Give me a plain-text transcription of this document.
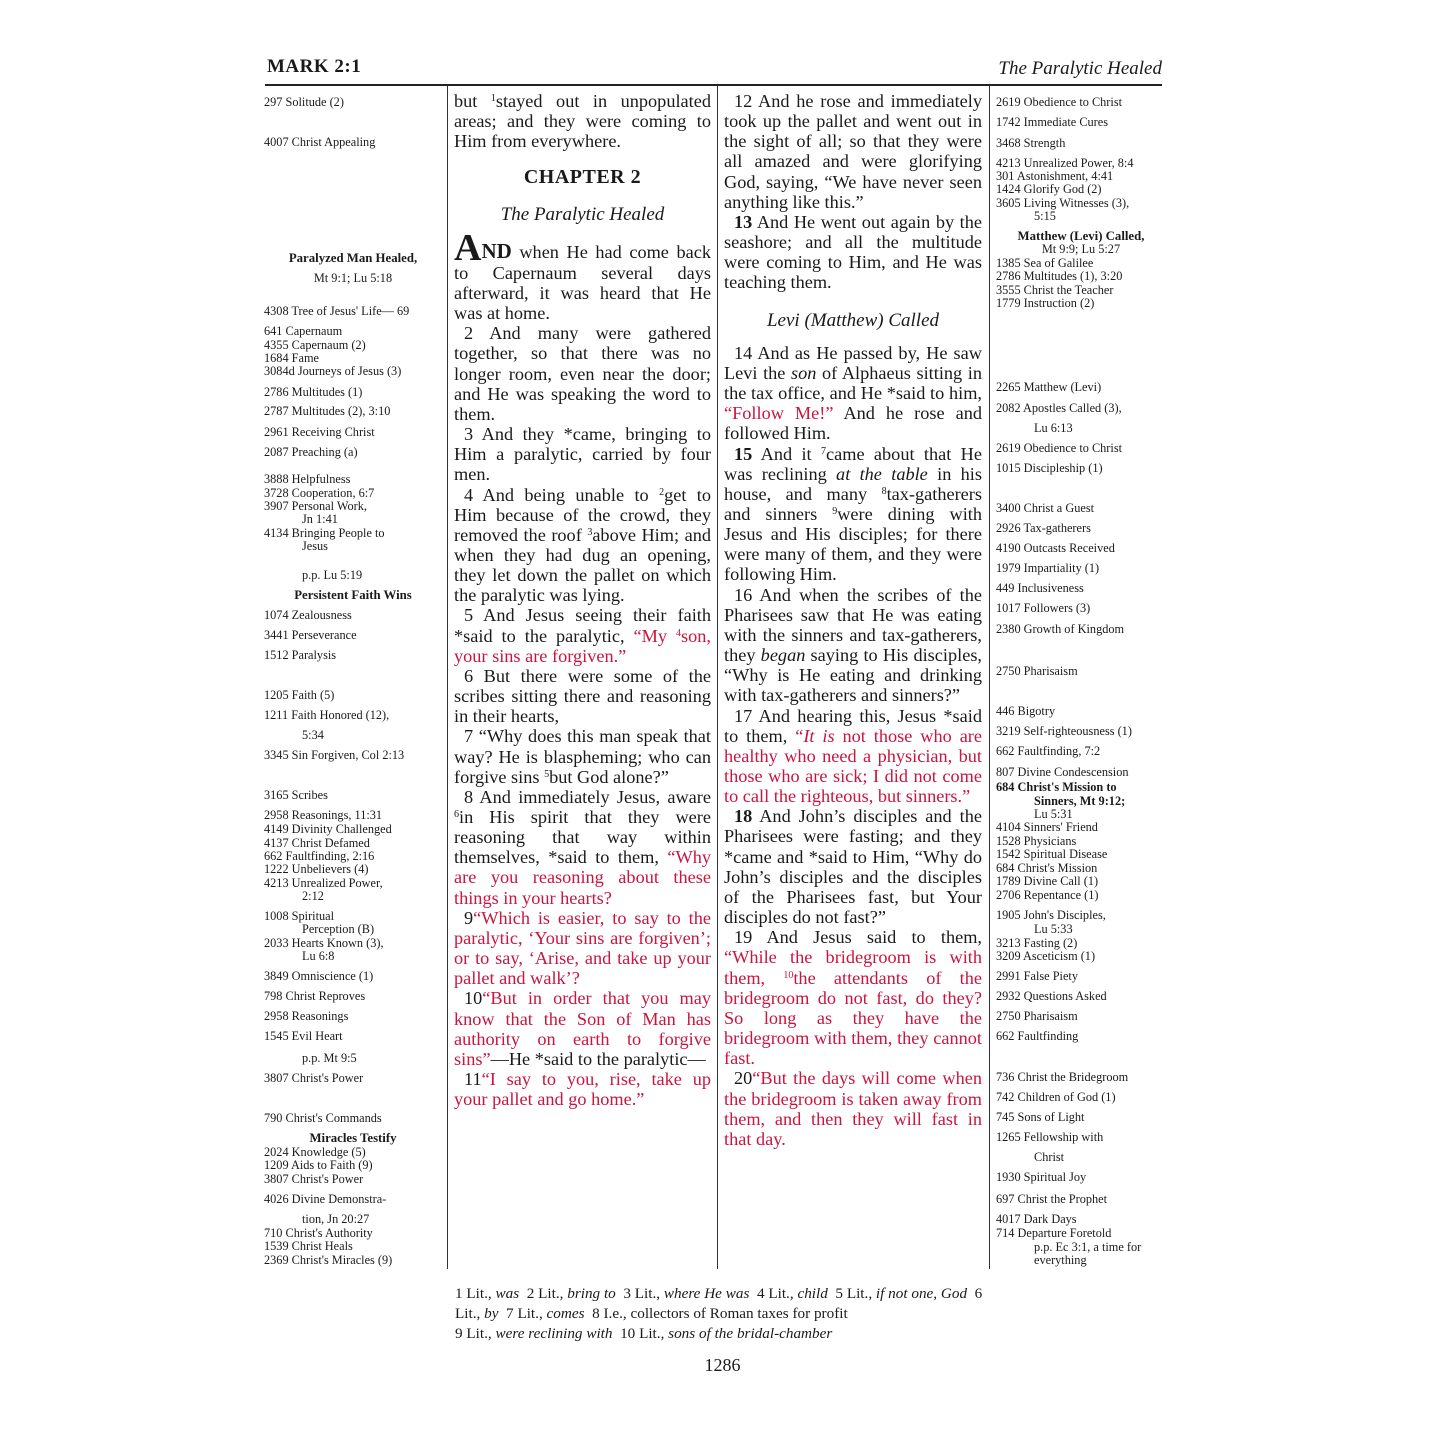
MARK 2:1	The Paralytic Healed
297 Solitude (2)
4007 Christ Appealing
Paralyzed Man Healed,
Mt 9:1; Lu 5:18
4308 Tree of Jesus' Life— 69
641 Capernaum
4355 Capernaum (2)
1684 Fame
3084d Journeys of Jesus (3)
2786 Multitudes (1)
2787 Multitudes (2), 3:10
2961 Receiving Christ
2087 Preaching (a)
3888 Helpfulness
3728 Cooperation, 6:7
3907 Personal Work,
Jn 1:41
4134 Bringing People to
Jesus
p.p. Lu 5:19
Persistent Faith Wins
1074 Zealousness
3441 Perseverance
1512 Paralysis
1205 Faith (5)
1211 Faith Honored (12),
5:34
3345 Sin Forgiven, Col 2:13
3165 Scribes
2958 Reasonings, 11:31
4149 Divinity Challenged
4137 Christ Defamed
662 Faultfinding, 2:16
1222 Unbelievers (4)
4213 Unrealized Power,
2:12
1008 Spiritual
Perception (B)
2033 Hearts Known (3),
Lu 6:8
3849 Omniscience (1)
798 Christ Reproves
2958 Reasonings
1545 Evil Heart
p.p. Mt 9:5
3807 Christ's Power
790 Christ's Commands
Miracles Testify
2024 Knowledge (5)
1209 Aids to Faith (9)
3807 Christ's Power
4026 Divine Demonstra-
tion, Jn 20:27
710 Christ's Authority
1539 Christ Heals
2369 Christ's Miracles (9)

but $^1$stayed out in unpopulated areas; and they were coming to Him from everywhere.

CHAPTER 2
The Paralytic Healed

AND when He had come back to Capernaum several days afterward, it was heard that He was at home.

2 And many were gathered together, so that there was no longer room, even near the door; and He was speaking the word to them.

3 And they *came, bringing to Him a paralytic, carried by four men.

4 And being unable to $^2$get to Him because of the crowd, they removed the roof $^3$above Him; and when they had dug an opening, they let down the pallet on which the paralytic was lying.

5 And Jesus seeing their faith *said to the paralytic, “My $^4$son, your sins are forgiven.”

6 But there were some of the scribes sitting there and reasoning in their hearts,

7 “Why does this man speak that way? He is blaspheming; who can forgive sins $^5$but God alone?”

8 And immediately Jesus, aware $^6$in His spirit that they were reasoning that way within themselves, *said to them, “Why are you reasoning about these things in your hearts?

9“Which is easier, to say to the paralytic, ‘Your sins are forgiven’; or to say, ‘Arise, and take up your pallet and walk’?

10“But in order that you may know that the Son of Man has authority on earth to forgive sins”—He *said to the paralytic—

11“I say to you, rise, take up your pallet and go home.”

12 And he rose and immediately took up the pallet and went out in the sight of all; so that they were all amazed and were glorifying God, saying, “We have never seen anything like this.”

13 And He went out again by the seashore; and all the multitude were coming to Him, and He was teaching them.

Levi (Matthew) Called

14 And as He passed by, He saw Levi the son of Alphaeus sitting in the tax office, and He *said to him, “Follow Me!” And he rose and followed Him.

15 And it $^7$came about that He was reclining at the table in his house, and many $^8$tax-gatherers and sinners $^9$were dining with Jesus and His disciples; for there were many of them, and they were following Him.

16 And when the scribes of the Pharisees saw that He was eating with the sinners and tax-gatherers, they began saying to His disciples, “Why is He eating and drinking with tax-gatherers and sinners?”

17 And hearing this, Jesus *said to them, “It is not those who are healthy who need a physician, but those who are sick; I did not come to call the righteous, but sinners.”

18 And John’s disciples and the Pharisees were fasting; and they *came and *said to Him, “Why do John’s disciples and the disciples of the Pharisees fast, but Your disciples do not fast?”

19 And Jesus said to them, “While the bridegroom is with them, $^{10}$the attendants of the bridegroom do not fast, do they? So long as they have the bridegroom with them, they cannot fast.

20“But the days will come when the bridegroom is taken away from them, and then they will fast in that day.

2619 Obedience to Christ
1742 Immediate Cures
3468 Strength
4213 Unrealized Power, 8:4
301 Astonishment, 4:41
1424 Glorify God (2)
3605 Living Witnesses (3),
5:15
Matthew (Levi) Called,
Mt 9:9; Lu 5:27
1385 Sea of Galilee
2786 Multitudes (1), 3:20
3555 Christ the Teacher
1779 Instruction (2)
2265 Matthew (Levi)
2082 Apostles Called (3),
Lu 6:13
2619 Obedience to Christ
1015 Discipleship (1)
3400 Christ a Guest
2926 Tax-gatherers
4190 Outcasts Received
1979 Impartiality (1)
449 Inclusiveness
1017 Followers (3)
2380 Growth of Kingdom
2750 Pharisaism
446 Bigotry
3219 Self-righteousness (1)
662 Faultfinding, 7:2
807 Divine Condescension
684 Christ's Mission to
Sinners, Mt 9:12;
Lu 5:31
4104 Sinners' Friend
1528 Physicians
1542 Spiritual Disease
684 Christ's Mission
1789 Divine Call (1)
2706 Repentance (1)
1905 John's Disciples,
Lu 5:33
3213 Fasting (2)
3209 Asceticism (1)
2991 False Piety
2932 Questions Asked
2750 Pharisaism
662 Faultfinding
736 Christ the Bridegroom
742 Children of God (1)
745 Sons of Light
1265 Fellowship with
Christ
1930 Spiritual Joy
697 Christ the Prophet
4017 Dark Days
714 Departure Foretold
p.p. Ec 3:1, a time for
everything
1 Lit., was 2 Lit., bring to 3 Lit., where He was 4 Lit., child 5 Lit., if not one, God 6 Lit., by 7 Lit., comes 8 I.e., collectors of Roman taxes for profit
9 Lit., were reclining with 10 Lit., sons of the bridal-chamber
1286
